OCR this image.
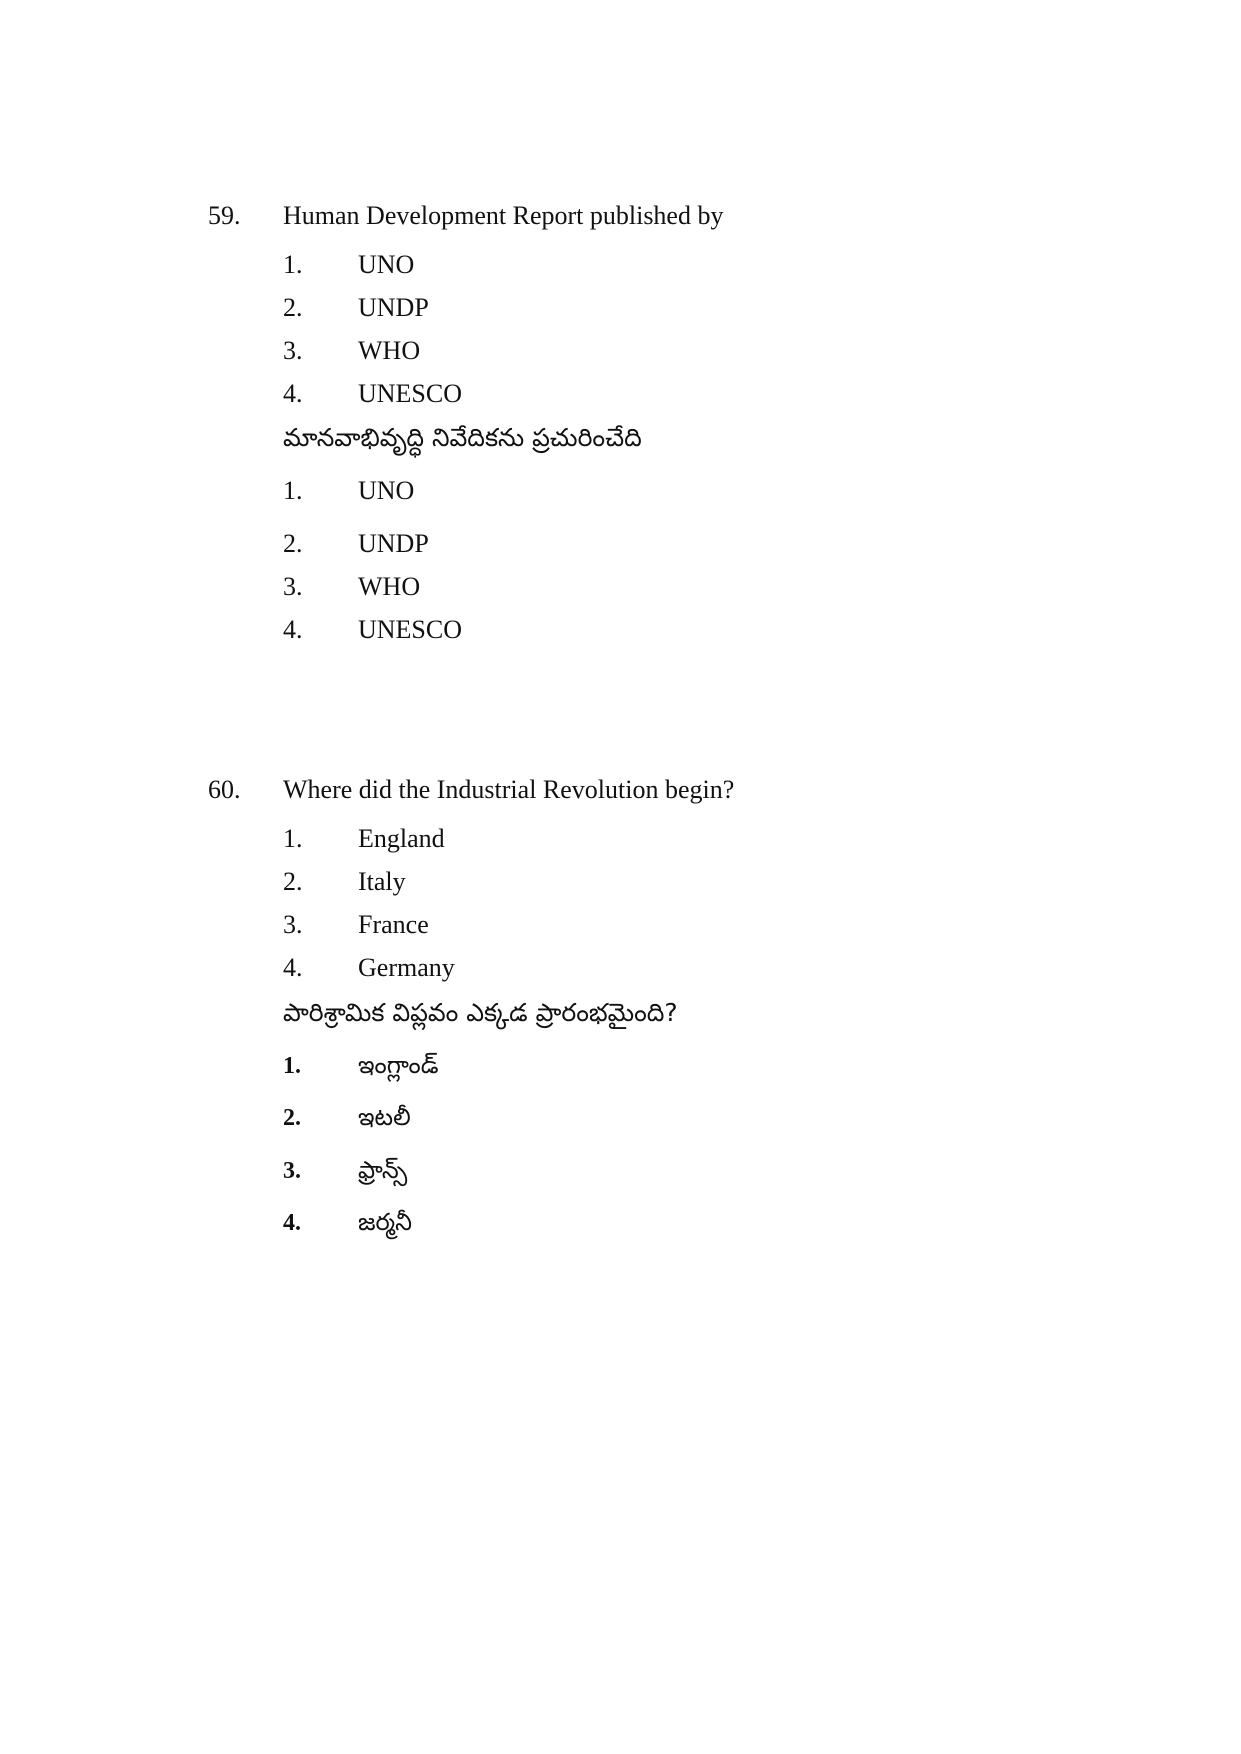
59. Human Development Report published by
1. UNO
2. UNDP
3. WHO
4. UNESCO
మానవాభివృద్ధి నివేదికను ప్రచురించేది
1. UNO
2. UNDP
3. WHO
4. UNESCO
60. Where did the Industrial Revolution begin?
1. England
2. Italy
3. France
4. Germany
పారిశ్రామిక విప్లవం ఎక్కడ ప్రారంభమైంది?
1. ఇంగ్లాండ్
2. ఇటలీ
3. ఫ్రాన్స్
4. జర్మనీ
